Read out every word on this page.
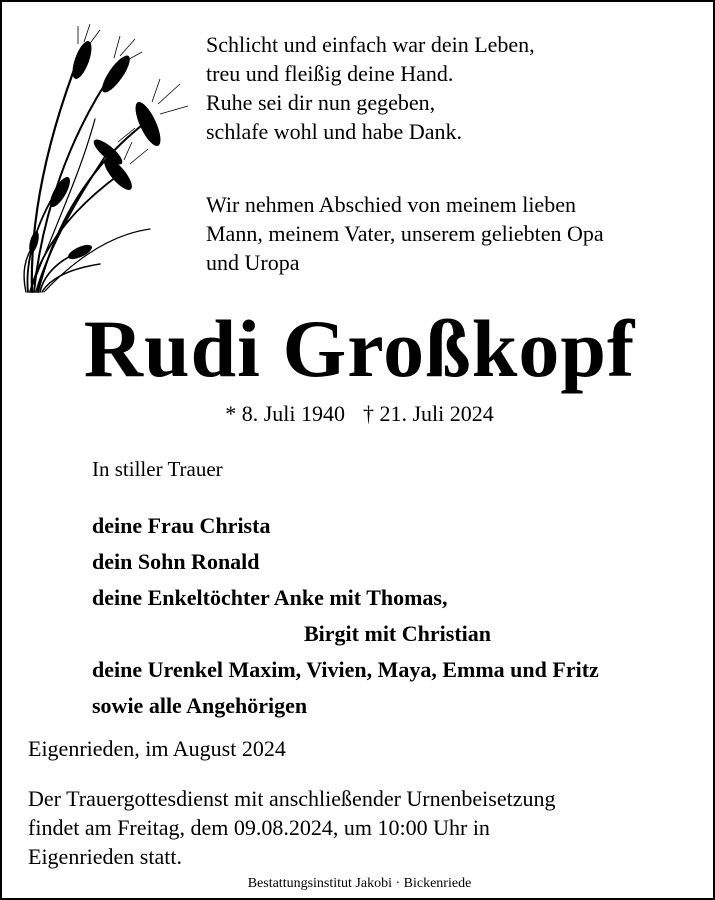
Schlicht und einfach war dein Leben,
treu und fleißig deine Hand.
Ruhe sei dir nun gegeben,
schlafe wohl und habe Dank.
Wir nehmen Abschied von meinem lieben
Mann, meinem Vater, unserem geliebten Opa
und Uropa
Rudi Großkopf
* 8. Juli 1940 † 21. Juli 2024
In stiller Trauer
deine Frau Christa
dein Sohn Ronald
deine Enkeltöchter Anke mit Thomas,
Birgit mit Christian
deine Urenkel Maxim, Vivien, Maya, Emma und Fritz
sowie alle Angehörigen
Eigenrieden, im August 2024
Der Trauergottesdienst mit anschließender Urnenbeisetzung
findet am Freitag, dem 09.08.2024, um 10:00 Uhr in
Eigenrieden statt.
Bestattungsinstitut Jakobi · Bickenriede
